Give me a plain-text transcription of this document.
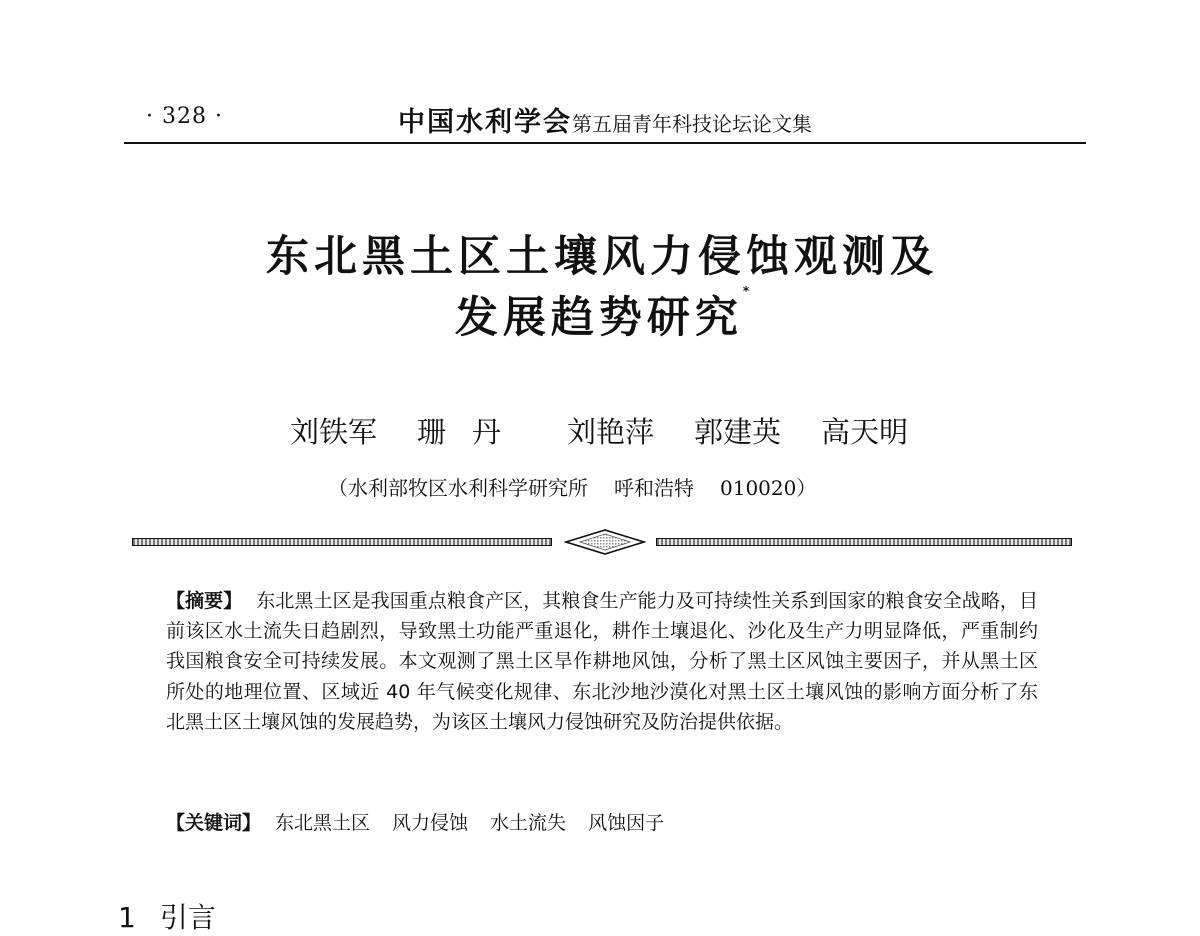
· 328 ·	中国水利学会第五届青年科技论坛论文集
东北黑土区土壤风力侵蚀观测及
发展趋势研究*
刘铁军 珊丹 刘艳萍 郭建英 高天明
（水利部牧区水利科学研究所 呼和浩特 010020）
【摘要】 东北黑土区是我国重点粮食产区，其粮食生产能力及可持续性关系到国家的粮食安全战略，目前该区水土流失日趋剧烈，导致黑土功能严重退化，耕作土壤退化、沙化及生产力明显降低，严重制约我国粮食安全可持续发展。本文观测了黑土区旱作耕地风蚀，分析了黑土区风蚀主要因子，并从黑土区所处的地理位置、区域近 40 年气候变化规律、东北沙地沙漠化对黑土区土壤风蚀的影响方面分析了东北黑土区土壤风蚀的发展趋势，为该区土壤风力侵蚀研究及防治提供依据。
【关键词】 东北黑土区 风力侵蚀 水土流失 风蚀因子
1 引言
